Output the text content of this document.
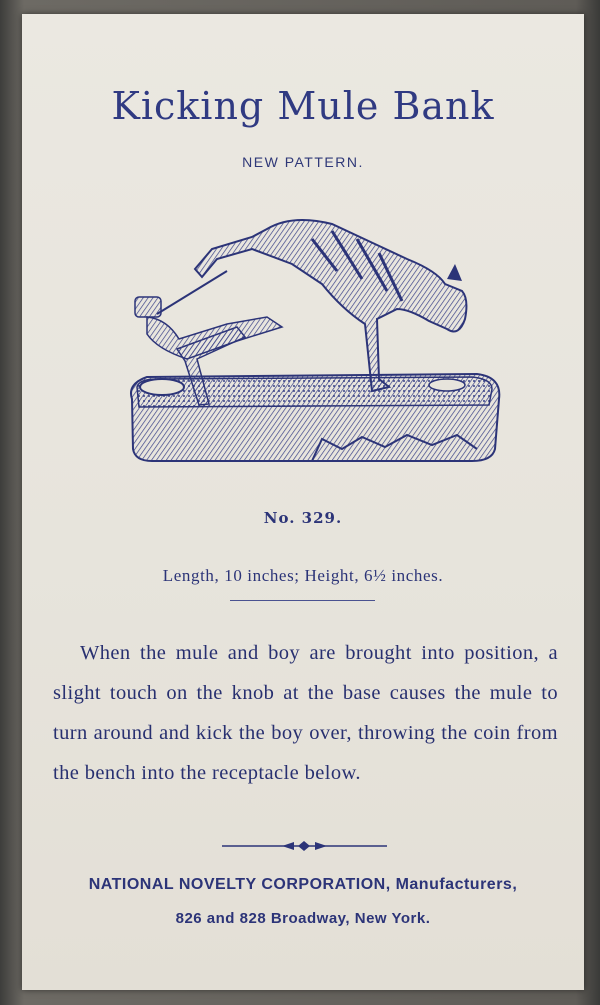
Kicking Mule Bank
NEW PATTERN.
No. 329.
Length, 10 inches; Height, 6½ inches.
When the mule and boy are brought into position, a slight touch on the knob at the base causes the mule to turn around and kick the boy over, throwing the coin from the bench into the receptacle below.
NATIONAL NOVELTY CORPORATION, Manufacturers,
826 and 828 Broadway, New York.
